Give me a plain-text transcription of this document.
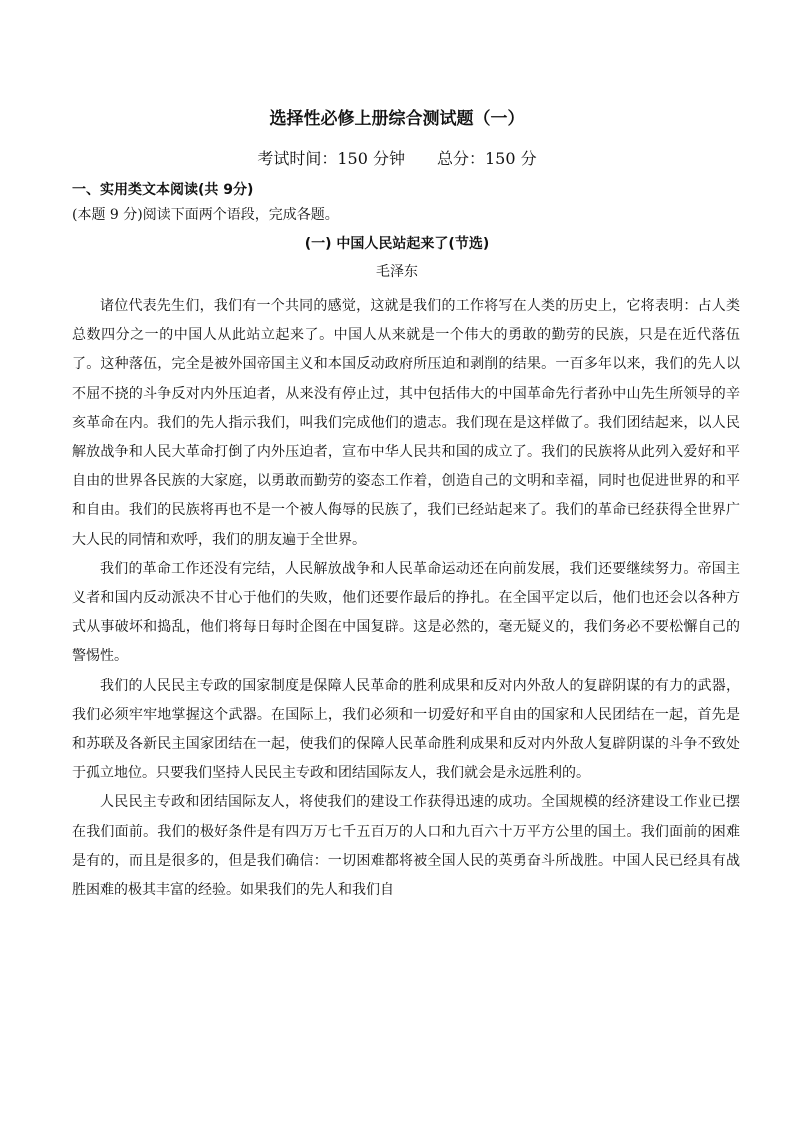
选择性必修上册综合测试题（一）
考试时间：150 分钟 总分：150 分
一、实用类文本阅读(共 9分)
(本题 9 分)阅读下面两个语段，完成各题。
(一) 中国人民站起来了(节选)
毛泽东

诸位代表先生们，我们有一个共同的感觉，这就是我们的工作将写在人类的历史上，它将表明：占人类总数四分之一的中国人从此站立起来了。中国人从来就是一个伟大的勇敢的勤劳的民族，只是在近代落伍了。这种落伍，完全是被外国帝国主义和本国反动政府所压迫和剥削的结果。一百多年以来，我们的先人以不屈不挠的斗争反对内外压迫者，从来没有停止过，其中包括伟大的中国革命先行者孙中山先生所领导的辛亥革命在内。我们的先人指示我们，叫我们完成他们的遗志。我们现在是这样做了。我们团结起来，以人民解放战争和人民大革命打倒了内外压迫者，宣布中华人民共和国的成立了。我们的民族将从此列入爱好和平自由的世界各民族的大家庭，以勇敢而勤劳的姿态工作着，创造自己的文明和幸福，同时也促进世界的和平和自由。我们的民族将再也不是一个被人侮辱的民族了，我们已经站起来了。我们的革命已经获得全世界广大人民的同情和欢呼，我们的朋友遍于全世界。

我们的革命工作还没有完结，人民解放战争和人民革命运动还在向前发展，我们还要继续努力。帝国主义者和国内反动派决不甘心于他们的失败，他们还要作最后的挣扎。在全国平定以后，他们也还会以各种方式从事破坏和捣乱，他们将每日每时企图在中国复辟。这是必然的，毫无疑义的，我们务必不要松懈自己的警惕性。

我们的人民民主专政的国家制度是保障人民革命的胜利成果和反对内外敌人的复辟阴谋的有力的武器，我们必须牢牢地掌握这个武器。在国际上，我们必须和一切爱好和平自由的国家和人民团结在一起，首先是和苏联及各新民主国家团结在一起，使我们的保障人民革命胜利成果和反对内外敌人复辟阴谋的斗争不致处于孤立地位。只要我们坚持人民民主专政和团结国际友人，我们就会是永远胜利的。

人民民主专政和团结国际友人，将使我们的建设工作获得迅速的成功。全国规模的经济建设工作业已摆在我们面前。我们的极好条件是有四万万七千五百万的人口和九百六十万平方公里的国土。我们面前的困难是有的，而且是很多的，但是我们确信：一切困难都将被全国人民的英勇奋斗所战胜。中国人民已经具有战胜困难的极其丰富的经验。如果我们的先人和我们自
